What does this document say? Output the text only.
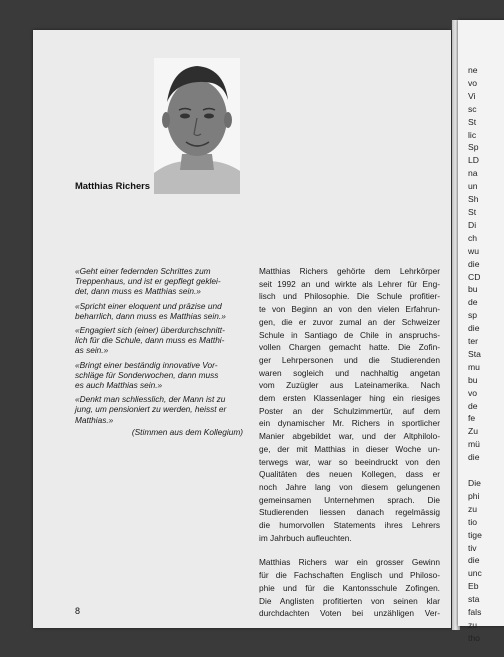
ne
vo
Vi
sc
St
lic
Sp
LD
na
un
Sh
St
Di
ch
wu
die
CD
bu
de
sp
die
ter
Sta
mu
bu
vo
de
fe
Zu
mü
die

Die
phi
zu
tio
tige
tiv
die
unc
Eb
sta
fals
zu
tho
Matthias Richers

«Geht einer federnden Schrittes zum
Treppenhaus, und ist er gepflegt geklei-
det, dann muss es Matthias sein.»

«Spricht einer eloquent und präzise und
beharrlich, dann muss es Matthias sein.»

«Engagiert sich (einer) überdurchschnitt-
lich für die Schule, dann muss es Matthi-
as sein.»

«Bringt einer beständig innovative Vor-
schläge für Sonderwochen, dann muss
es auch Matthias sein.»

«Denkt man schliesslich, der Mann ist zu
jung, um pensioniert zu werden, heisst er
Matthias.»

(Stimmen aus dem Kollegium)

Matthias Richers gehörte dem Lehrkörper
seit 1992 an und wirkte als Lehrer für Eng-
lisch und Philosophie. Die Schule profitier-
te von Beginn an von den vielen Erfahrun-
gen, die er zuvor zumal an der Schweizer
Schule in Santiago de Chile in anspruchs-
vollen Chargen gemacht hatte. Die Zofin-
ger Lehrpersonen und die Studierenden
waren sogleich und nachhaltig angetan
vom Zuzügler aus Lateinamerika. Nach
dem ersten Klassenlager hing ein riesiges
Poster an der Schulzimmertür, auf dem
ein dynamischer Mr. Richers in sportlicher
Manier abgebildet war, und der Altphilolo-
ge, der mit Matthias in dieser Woche un-
terwegs war, war so beeindruckt von den
Qualitäten des neuen Kollegen, dass er
noch Jahre lang von diesem gelungenen
gemeinsamen Unternehmen sprach. Die
Studierenden liessen danach regelmässig
die humorvollen Statements ihres Lehrers
im Jahrbuch aufleuchten.

Matthias Richers war ein grosser Gewinn
für die Fachschaften Englisch und Philoso-
phie und für die Kantonsschule Zofingen.
Die Anglisten profitierten von seinen klar
durchdachten Voten bei unzähligen Ver-

8
